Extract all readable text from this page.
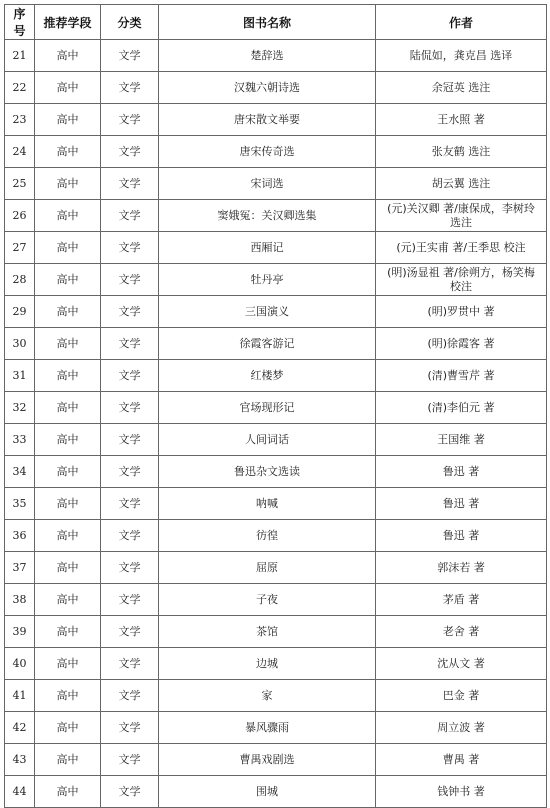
序号	推荐学段	分类	图书名称	作者
21	高中	文学	楚辞选	陆侃如，龚克昌 选译
22	高中	文学	汉魏六朝诗选	余冠英 选注
23	高中	文学	唐宋散文举要	王水照 著
24	高中	文学	唐宋传奇选	张友鹤 选注
25	高中	文学	宋词选	胡云翼 选注
26	高中	文学	窦娥冤：关汉卿选集	(元)关汉卿 著/康保成，李树玲 选注
27	高中	文学	西厢记	(元)王实甫 著/王季思 校注
28	高中	文学	牡丹亭	(明)汤显祖 著/徐朔方，杨笑梅 校注
29	高中	文学	三国演义	(明)罗贯中 著
30	高中	文学	徐霞客游记	(明)徐霞客 著
31	高中	文学	红楼梦	(清)曹雪芹 著
32	高中	文学	官场现形记	(清)李伯元 著
33	高中	文学	人间词话	王国维 著
34	高中	文学	鲁迅杂文选读	鲁迅 著
35	高中	文学	呐喊	鲁迅 著
36	高中	文学	彷徨	鲁迅 著
37	高中	文学	屈原	郭沫若 著
38	高中	文学	子夜	茅盾 著
39	高中	文学	茶馆	老舍 著
40	高中	文学	边城	沈从文 著
41	高中	文学	家	巴金 著
42	高中	文学	暴风骤雨	周立波 著
43	高中	文学	曹禺戏剧选	曹禺 著
44	高中	文学	围城	钱钟书 著
